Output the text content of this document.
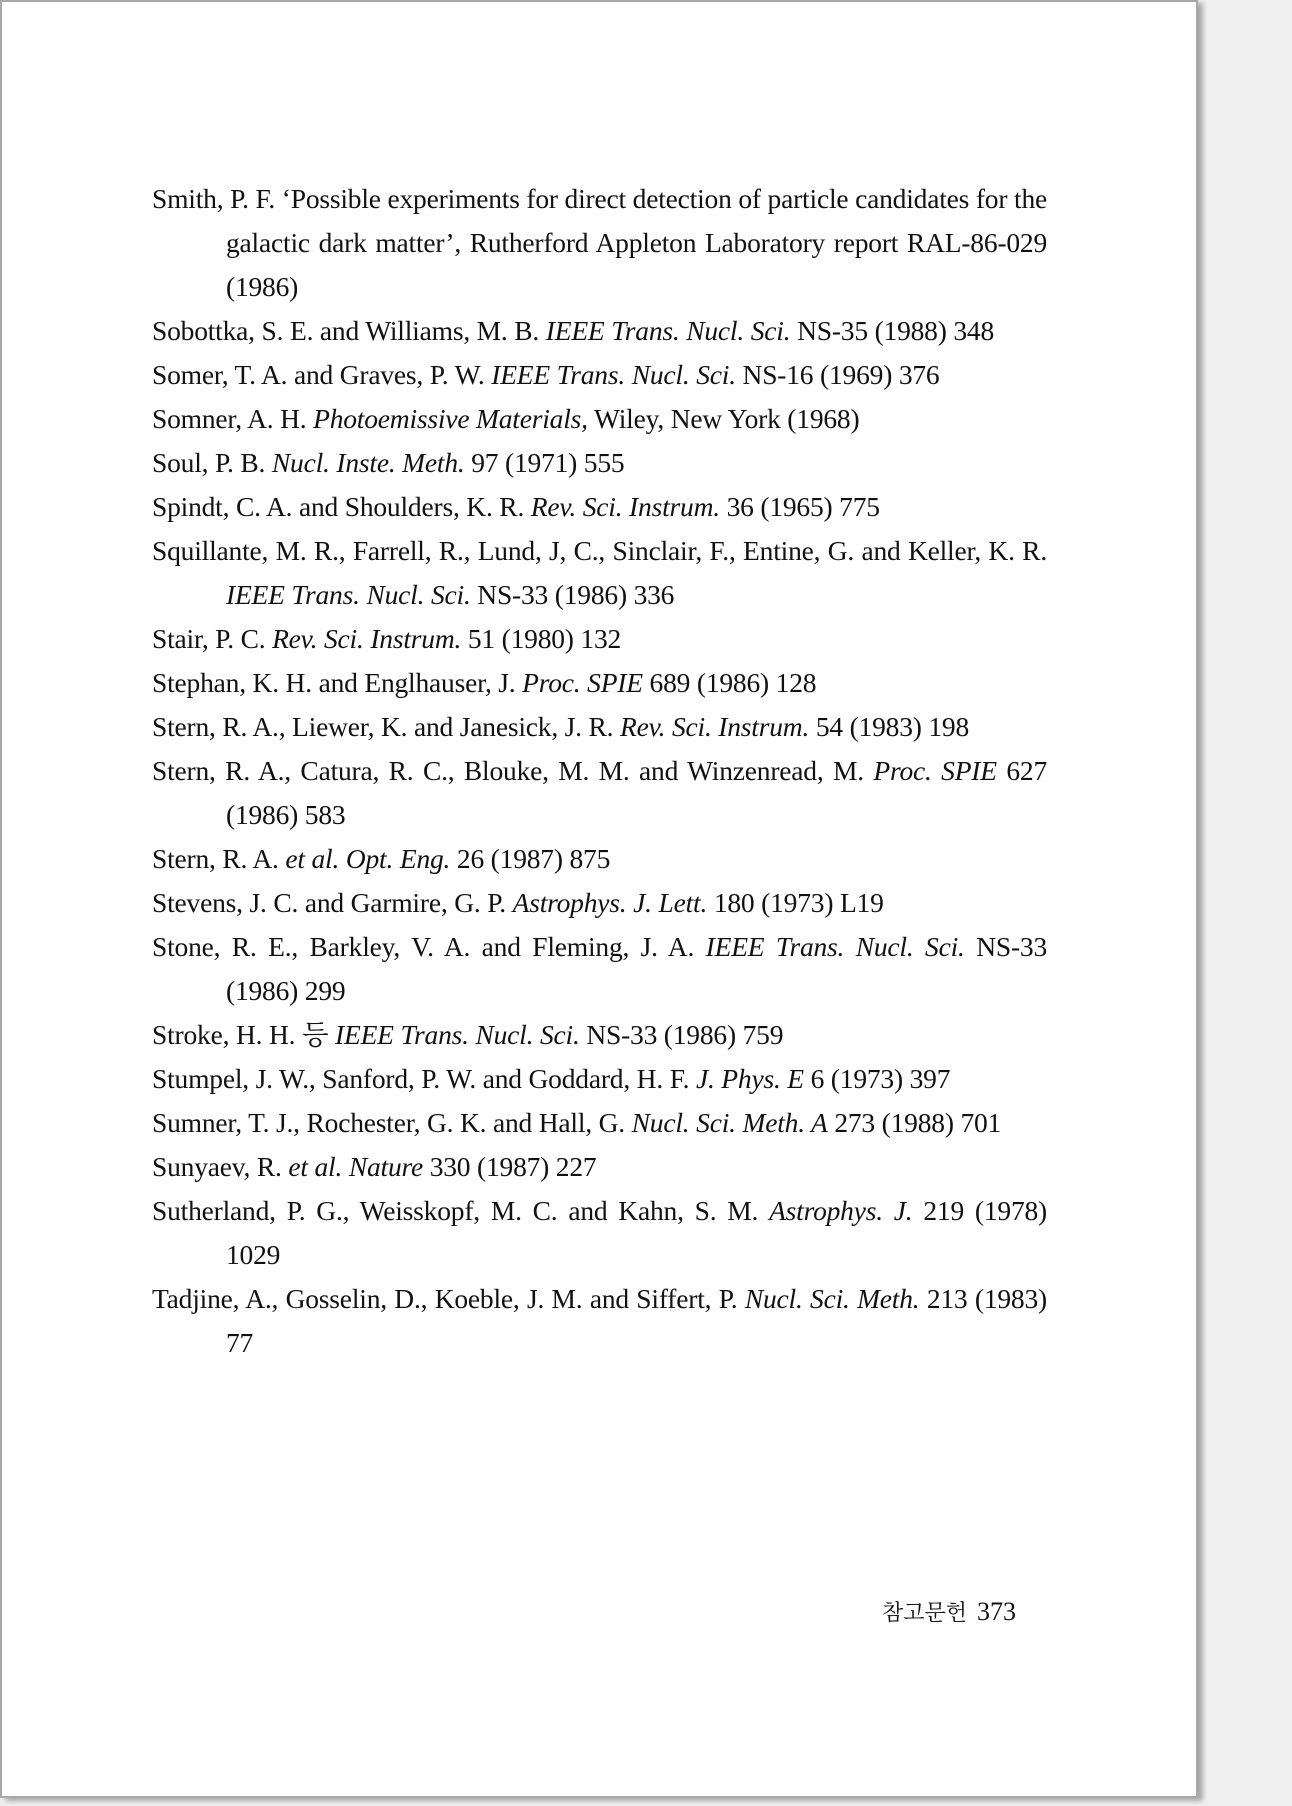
Smith, P. F. ‘Possible experiments for direct detection of particle candidates for the galactic dark matter’, Rutherford Appleton Laboratory report RAL-86-029 (1986)
Sobottka, S. E. and Williams, M. B. IEEE Trans. Nucl. Sci. NS-35 (1988) 348
Somer, T. A. and Graves, P. W. IEEE Trans. Nucl. Sci. NS-16 (1969) 376
Somner, A. H. Photoemissive Materials, Wiley, New York (1968)
Soul, P. B. Nucl. Inste. Meth. 97 (1971) 555
Spindt, C. A. and Shoulders, K. R. Rev. Sci. Instrum. 36 (1965) 775
Squillante, M. R., Farrell, R., Lund, J, C., Sinclair, F., Entine, G. and Keller, K. R. IEEE Trans. Nucl. Sci. NS-33 (1986) 336
Stair, P. C. Rev. Sci. Instrum. 51 (1980) 132
Stephan, K. H. and Englhauser, J. Proc. SPIE 689 (1986) 128
Stern, R. A., Liewer, K. and Janesick, J. R. Rev. Sci. Instrum. 54 (1983) 198
Stern, R. A., Catura, R. C., Blouke, M. M. and Winzenread, M. Proc. SPIE 627 (1986) 583
Stern, R. A. et al. Opt. Eng. 26 (1987) 875
Stevens, J. C. and Garmire, G. P. Astrophys. J. Lett. 180 (1973) L19
Stone, R. E., Barkley, V. A. and Fleming, J. A. IEEE Trans. Nucl. Sci. NS-33 (1986) 299
Stroke, H. H. 등 IEEE Trans. Nucl. Sci. NS-33 (1986) 759
Stumpel, J. W., Sanford, P. W. and Goddard, H. F. J. Phys. E 6 (1973) 397
Sumner, T. J., Rochester, G. K. and Hall, G. Nucl. Sci. Meth. A 273 (1988) 701
Sunyaev, R. et al. Nature 330 (1987) 227
Sutherland, P. G., Weisskopf, M. C. and Kahn, S. M. Astrophys. J. 219 (1978) 1029
Tadjine, A., Gosselin, D., Koeble, J. M. and Siffert, P. Nucl. Sci. Meth. 213 (1983) 77
참고문헌 373
